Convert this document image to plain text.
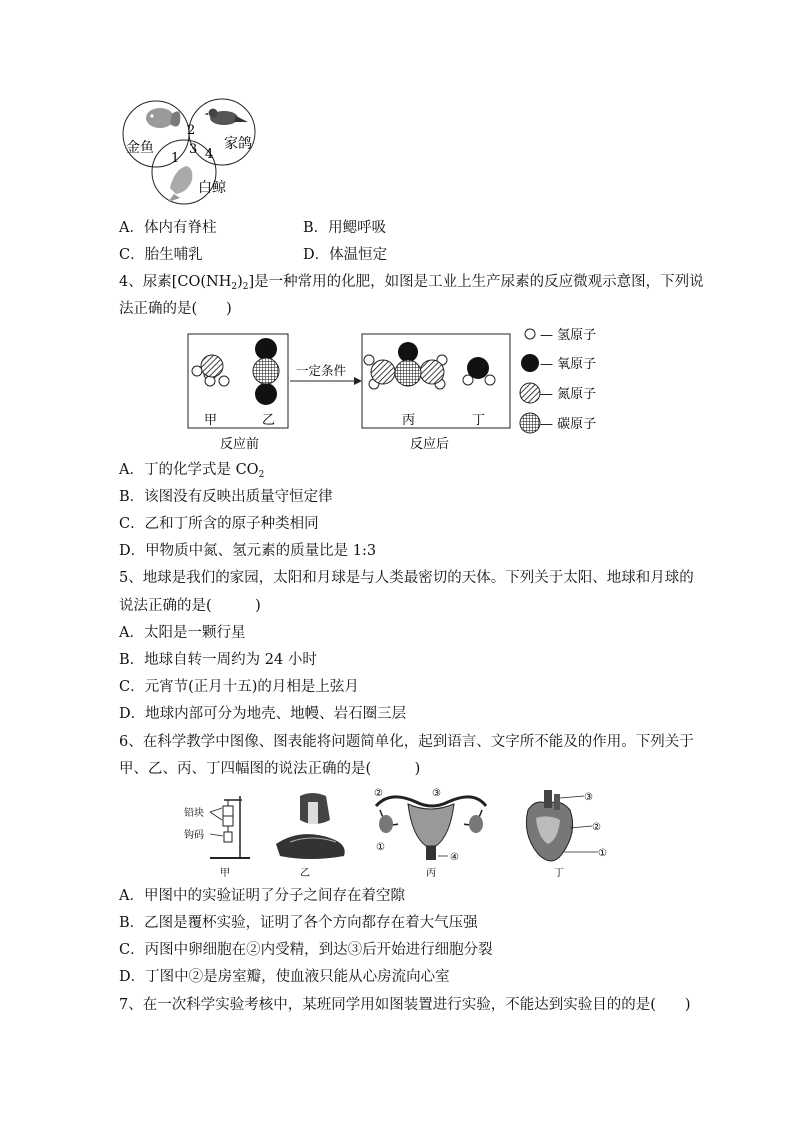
2
3
1 4
金鱼	家鸽
白鲸
A．体内有脊柱	B．用鳃呼吸
C．胎生哺乳	D．体温恒定
4、尿素$[CO(NH_2)_2]$是一种常用的化肥，如图是工业上生产尿素的反应微观示意图，下列说
法正确的是(　　)
甲	乙
反应前
一定条件
丙	丁
反应后
— 氢原子
— 氧原子
— 氮原子
— 碳原子
A．丁的化学式是 $CO_2$
B．该图没有反映出质量守恒定律
C．乙和丁所含的原子种类相同
D．甲物质中氮、氢元素的质量比是 1:3
5、地球是我们的家园，太阳和月球是与人类最密切的天体。下列关于太阳、地球和月球的
说法正确的是(　　　)
A．太阳是一颗行星
B．地球自转一周约为 24 小时
C．元宵节(正月十五)的月相是上弦月
D．地球内部可分为地壳、地幔、岩石圈三层
6、在科学教学中图像、图表能将问题简单化，起到语言、文字所不能及的作用。下列关于
甲、乙、丙、丁四幅图的说法正确的是(　　　)
铅块
钩码
甲	乙
②	③
①
④
丙
③
②
①
丁
A．甲图中的实验证明了分子之间存在着空隙
B．乙图是覆杯实验，证明了各个方向都存在着大气压强
C．丙图中卵细胞在②内受精，到达③后开始进行细胞分裂
D．丁图中②是房室瓣，使血液只能从心房流向心室
7、在一次科学实验考核中，某班同学用如图装置进行实验，不能达到实验目的的是(　　)
